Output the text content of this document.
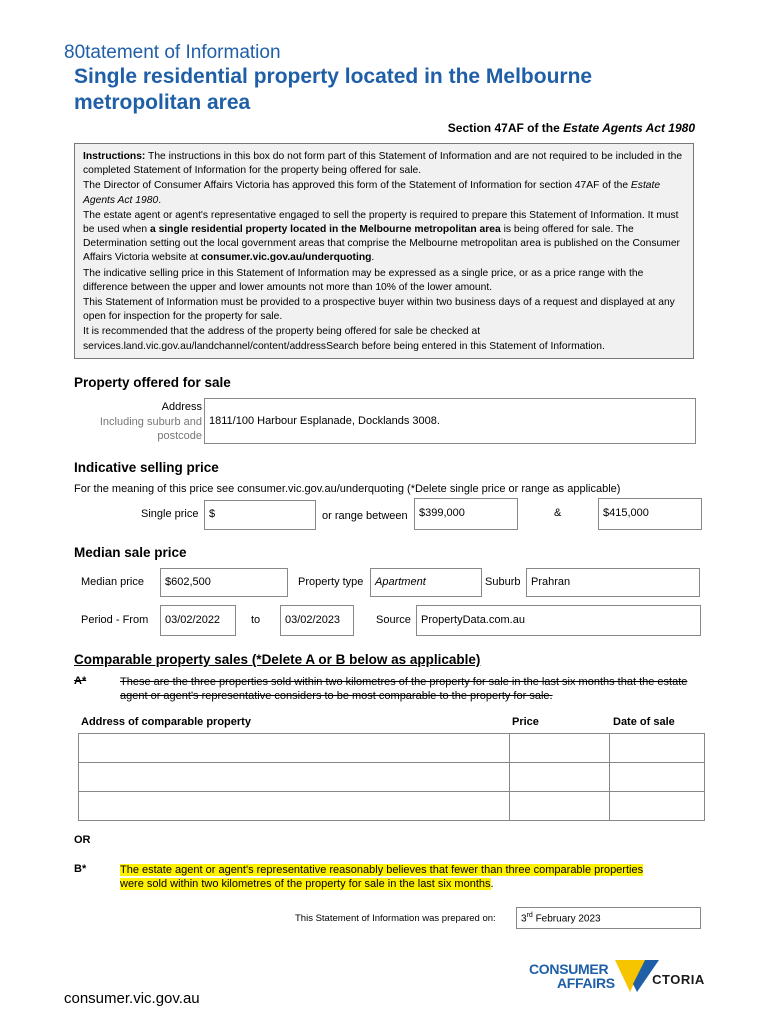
80tatement of Information
Single residential property located in the Melbourne metropolitan area
Section 47AF of the Estate Agents Act 1980

Instructions: The instructions in this box do not form part of this Statement of Information and are not required to be included in the completed Statement of Information for the property being offered for sale.

The Director of Consumer Affairs Victoria has approved this form of the Statement of Information for section 47AF of the Estate Agents Act 1980.

The estate agent or agent's representative engaged to sell the property is required to prepare this Statement of Information. It must be used when a single residential property located in the Melbourne metropolitan area is being offered for sale. The Determination setting out the local government areas that comprise the Melbourne metropolitan area is published on the Consumer Affairs Victoria website at consumer.vic.gov.au/underquoting.

The indicative selling price in this Statement of Information may be expressed as a single price, or as a price range with the difference between the upper and lower amounts not more than 10% of the lower amount.

This Statement of Information must be provided to a prospective buyer within two business days of a request and displayed at any open for inspection for the property for sale.

It is recommended that the address of the property being offered for sale be checked at services.land.vic.gov.au/landchannel/content/addressSearch before being entered in this Statement of Information.

Property offered for sale
Address
Including suburb and
postcode
1811/100 Harbour Esplanade, Docklands 3008.
Indicative selling price
For the meaning of this price see consumer.vic.gov.au/underquoting (*Delete single price or range as applicable)
Single price $	or range between	$399,000	&	$415,000
Median sale price
Median price	$602,500	Property type	Apartment	Suburb Prahran
Period - From	03/02/2022	to	03/02/2023	Source PropertyData.com.au
Comparable property sales (*Delete A or B below as applicable)
A*	These are the three properties sold within two kilometres of the property for sale in the last six months that the estate agent or agent's representative considers to be most comparable to the property for sale.
Address of comparable property	Price	Date of sale

OR
B*	The estate agent or agent's representative reasonably believes that fewer than three comparable properties
were sold within two kilometres of the property for sale in the last six months.
This Statement of Information was prepared on:	3rd February 2023
CONSUMER
AFFAIRS	CTORIA
consumer.vic.gov.au
